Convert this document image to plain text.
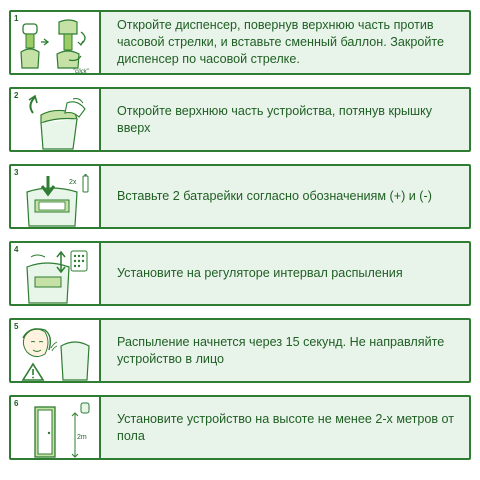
1
"click"
Откройте диспенсер, повернув верхнюю часть против часовой стрелки, и вставьте сменный баллон. Закройте диспенсер по часовой стрелке.
2
Откройте верхнюю часть устройства, потянув крышку вверх
3
2x
Вставьте 2 батарейки согласно обозначениям (+) и (-)
4
Установите на регуляторе интервал распыления
5
Распыление начнется через 15 секунд. Не направляйте устройство в лицо
6
2m
Установите устройство на высоте не менее 2-х метров от пола
